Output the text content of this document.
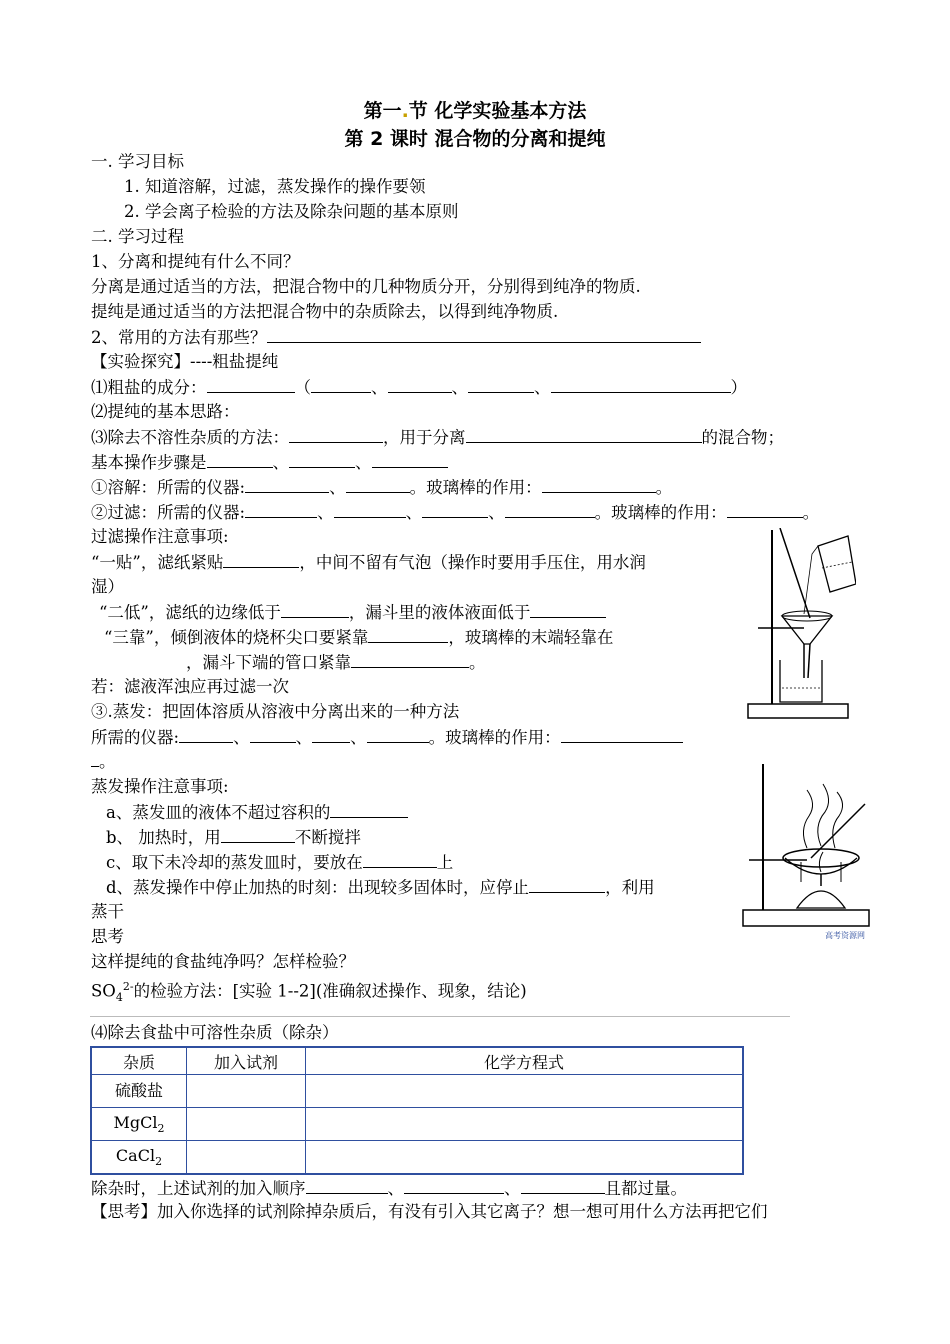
第一.节 化学实验基本方法
第 2 课时 混合物的分离和提纯
一. 学习目标
1. 知道溶解，过滤，蒸发操作的操作要领
2. 学会离子检验的方法及除杂问题的基本原则
二. 学习过程
1、分离和提纯有什么不同？
分离是通过适当的方法，把混合物中的几种物质分开，分别得到纯净的物质.
提纯是通过适当的方法把混合物中的杂质除去，以得到纯净物质.
2、常用的方法有那些？
【实验探究】----粗盐提纯
⑴粗盐的成分：	（	、	、	、	）
⑵提纯的基本思路：
⑶除去不溶性杂质的方法：	，用于分离	的混合物；
基本操作步骤是	、	、
①溶解：所需的仪器:	、	。玻璃棒的作用：	。
②过滤：所需的仪器:	、	、	、	。玻璃棒的作用：	。
过滤操作注意事项:
“一贴”，滤纸紧贴	，中间不留有气泡（操作时要用手压住，用水润
湿）
“二低”，滤纸的边缘低于	，漏斗里的液体液面低于
“三靠”，倾倒液体的烧杯尖口要紧靠	，玻璃棒的末端轻靠在
，漏斗下端的管口紧靠	。
若：滤液浑浊应再过滤一次
③.蒸发：把固体溶质从溶液中分离出来的一种方法
所需的仪器:	、	、 、	。玻璃棒的作用：
。
蒸发操作注意事项:
a、蒸发皿的液体不超过容积的
b、 加热时，用	不断搅拌
c、取下未冷却的蒸发皿时，要放在	上
d、蒸发操作中停止加热的时刻：出现较多固体时，应停止	，利用
蒸干
思考
这样提纯的食盐纯净吗？怎样检验？
$SO_4^{2-}$的检验方法：[实验 1--2](准确叙述操作、现象，结论)
⑷除去食盐中可溶性杂质（除杂）
杂质	加入试剂	化学方程式
硫酸盐		
MgCl$_2$		
CaCl$_2$		
除杂时，上述试剂的加入顺序	、	、	且都过量。
【思考】加入你选择的试剂除掉杂质后，有没有引入其它离子？想一想可用什么方法再把它们
高考资源网
